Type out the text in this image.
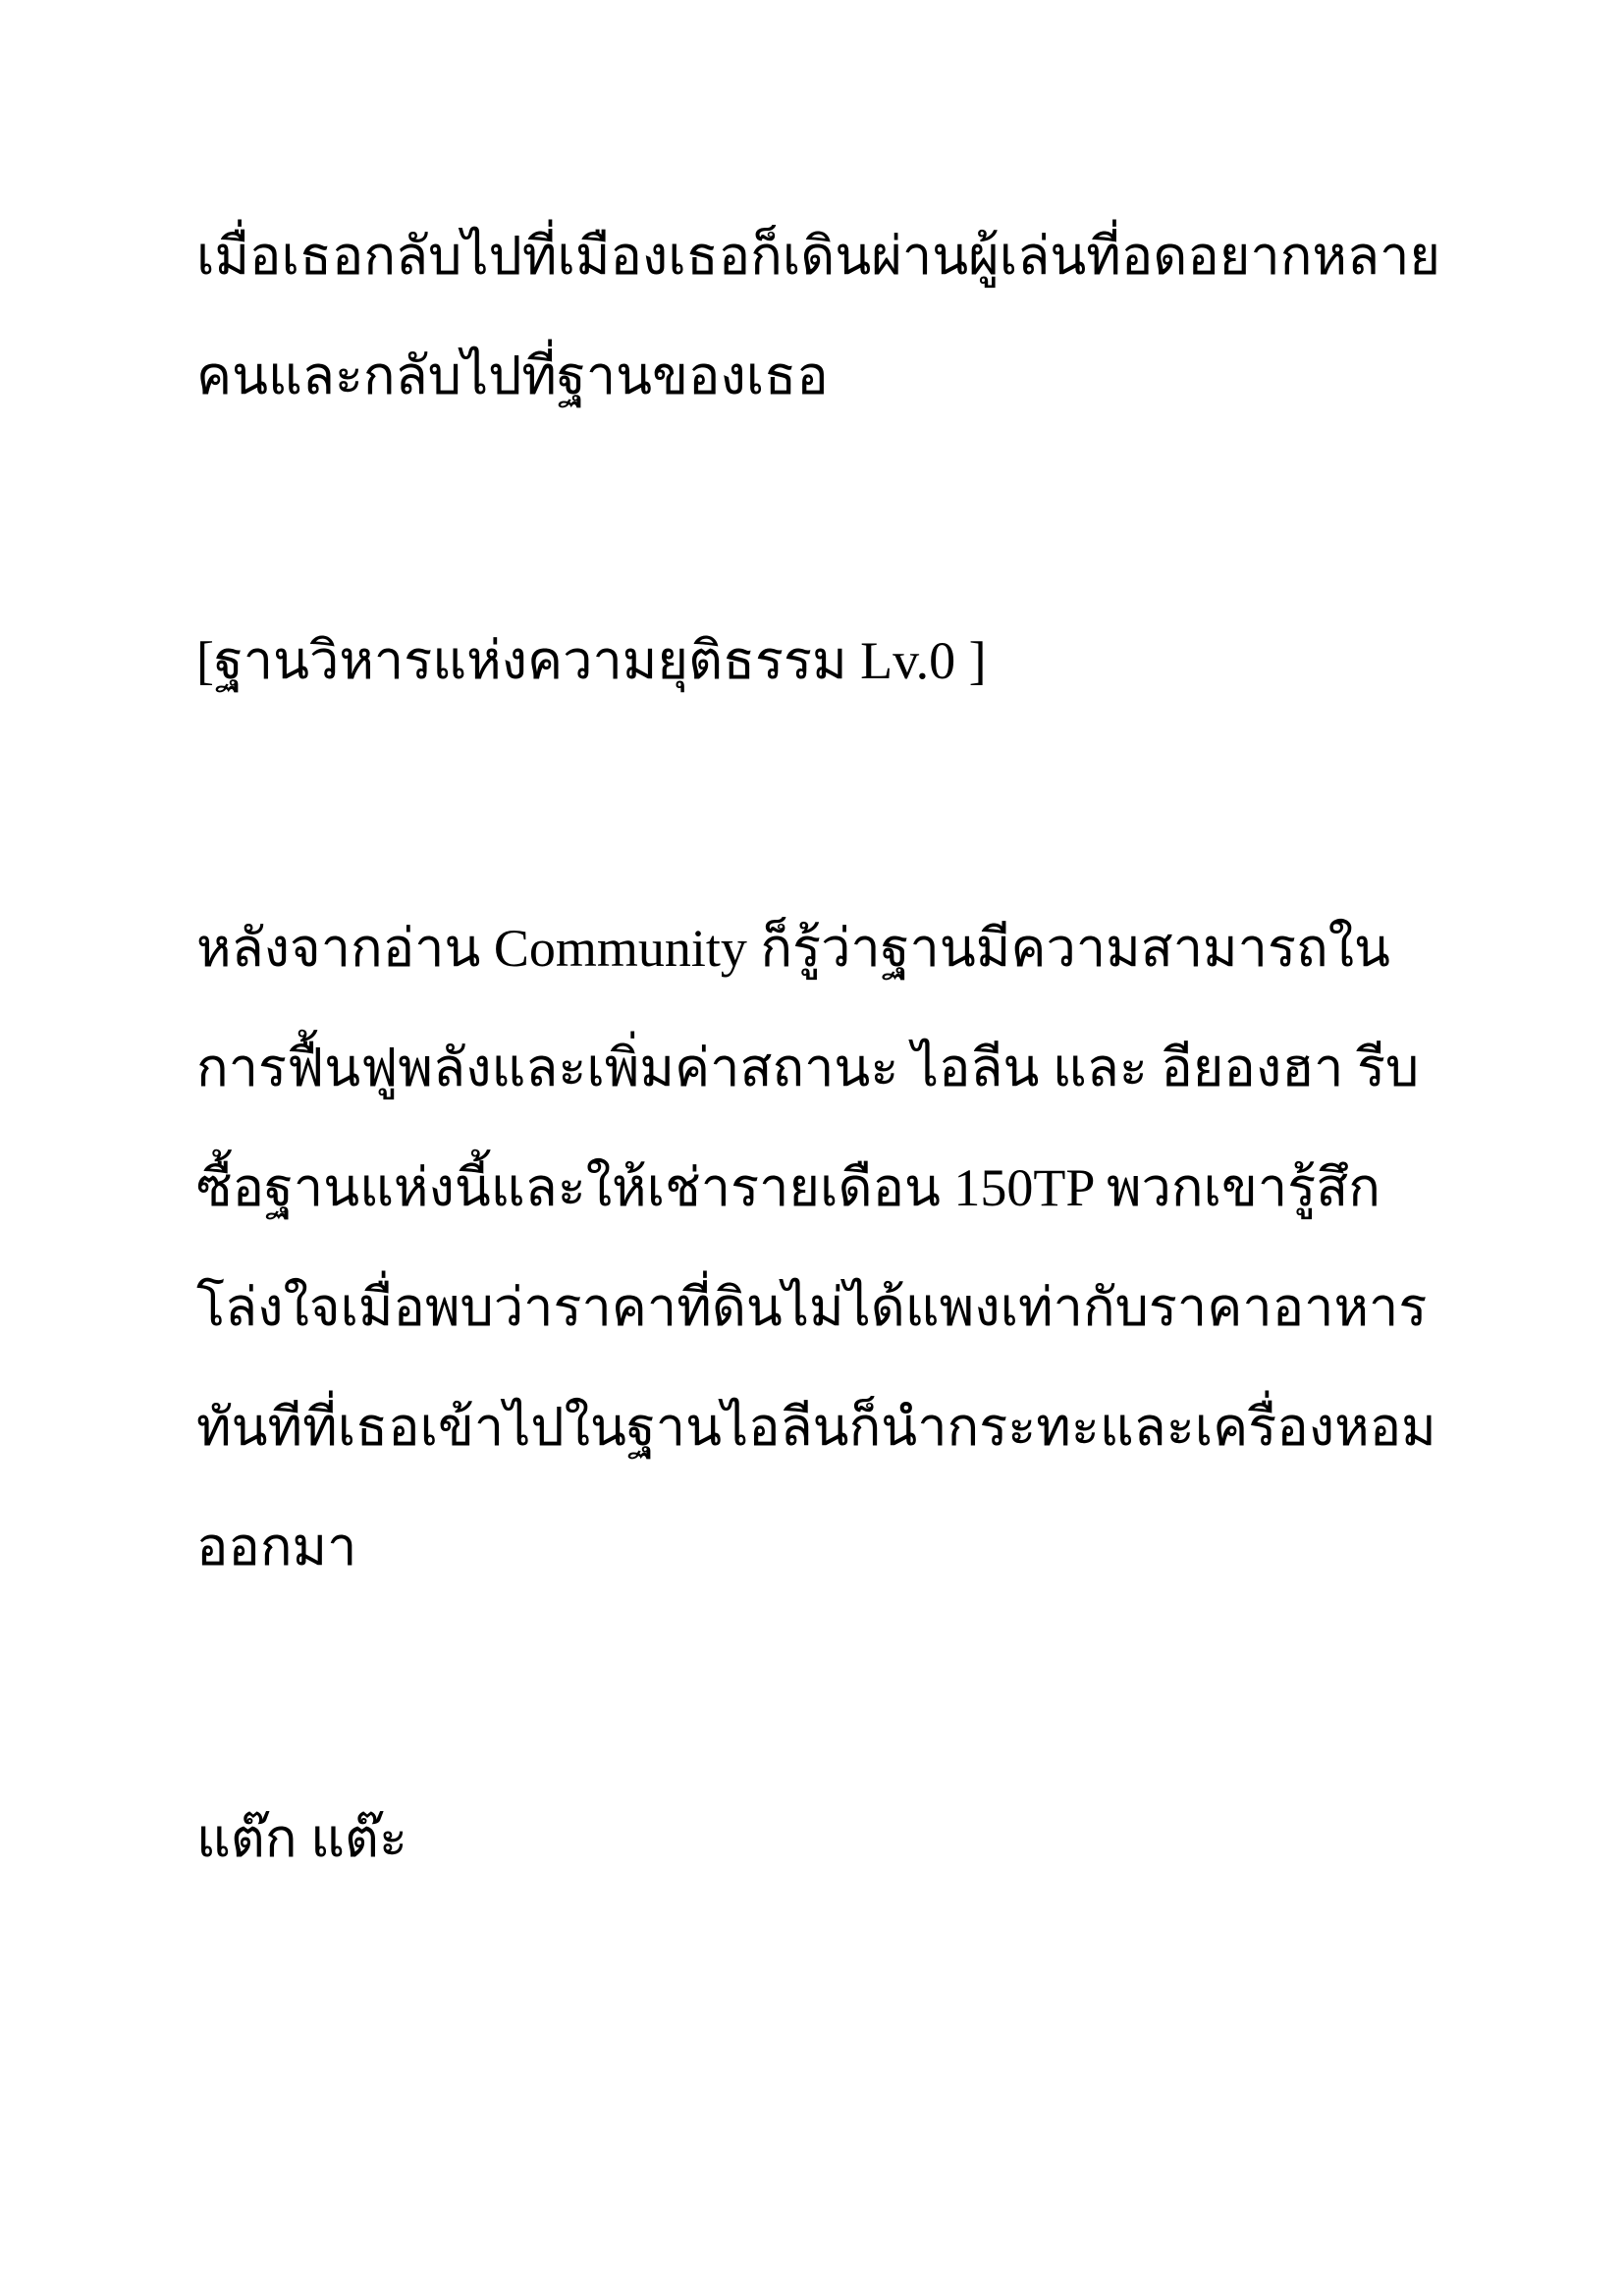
เมื่อเธอกลับไปที่เมืองเธอก็เดินผ่านผู้เล่นที่อดอยากหลาย
คนและกลับไปที่ฐานของเธอ
[ฐานวิหารแห่งความยุติธรรม Lv.0 ]
หลังจากอ่าน Community ก็รู้ว่าฐานมีความสามารถใน
การฟื้นฟูพลังและเพิ่มค่าสถานะ ไอลีน และ อียองฮา รีบ
ซื้อฐานแห่งนี้และให้เช่ารายเดือน 150TP พวกเขารู้สึก
โล่งใจเมื่อพบว่าราคาที่ดินไม่ได้แพงเท่ากับราคาอาหาร
ทันทีที่เธอเข้าไปในฐานไอลีนก็นำกระทะและเครื่องหอม
ออกมา
แต๊ก แต๊ะ
